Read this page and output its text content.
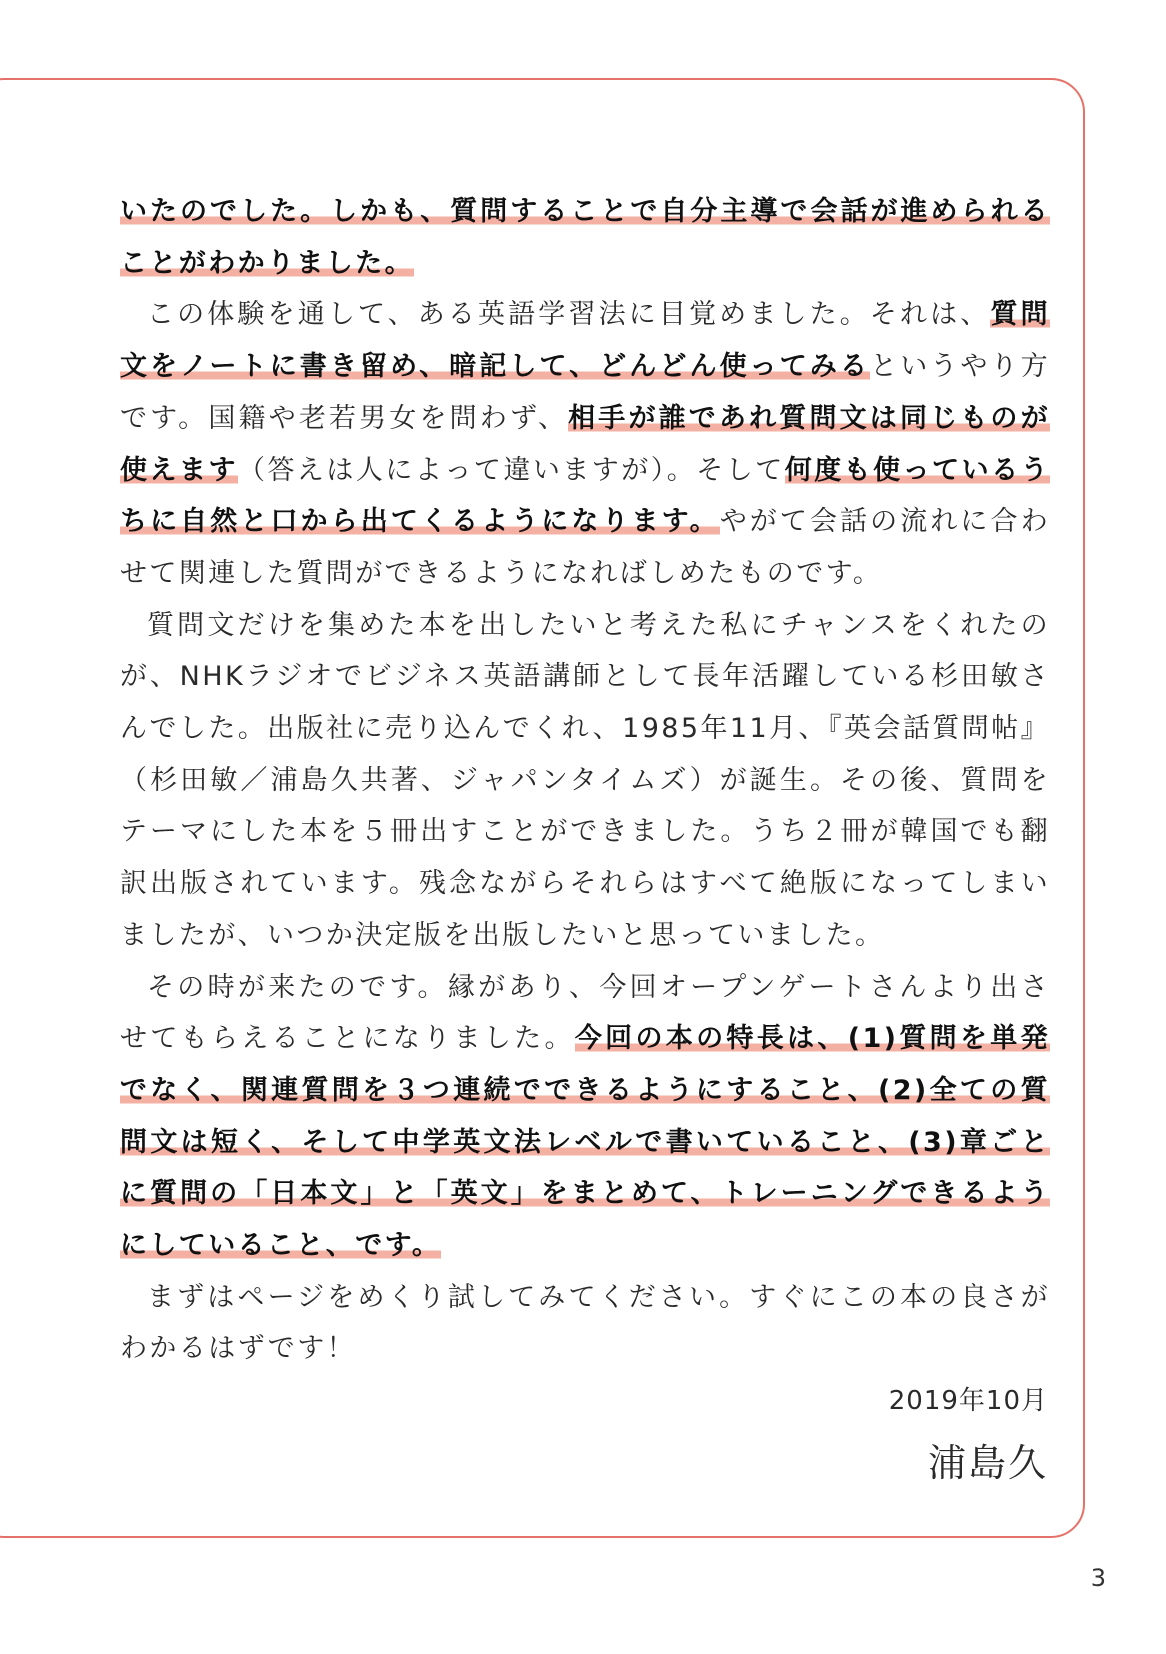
いたのでした。しかも、質問することで自分主導で会話が進められることがわかりました。

この体験を通して、ある英語学習法に目覚めました。それは、質問文をノートに書き留め、暗記して、どんどん使ってみるというやり方です。国籍や老若男女を問わず、相手が誰であれ質問文は同じものが使えます（答えは人によって違いますが）。そして何度も使っているうちに自然と口から出てくるようになります。やがて会話の流れに合わせて関連した質問ができるようになればしめたものです。

質問文だけを集めた本を出したいと考えた私にチャンスをくれたのが、NHKラジオでビジネス英語講師として長年活躍している杉田敏さんでした。出版社に売り込んでくれ、1985年11月、『英会話質問帖』（杉田敏／浦島久共著、ジャパンタイムズ）が誕生。その後、質問をテーマにした本を５冊出すことができました。うち２冊が韓国でも翻訳出版されています。残念ながらそれらはすべて絶版になってしまいましたが、いつか決定版を出版したいと思っていました。

その時が来たのです。縁があり、今回オープンゲートさんより出させてもらえることになりました。今回の本の特長は、(1)質問を単発でなく、関連質問を３つ連続でできるようにすること、(2)全ての質問文は短く、そして中学英文法レベルで書いていること、(3)章ごとに質問の「日本文」と「英文」をまとめて、トレーニングできるようにしていること、です。

まずはページをめくり試してみてください。すぐにこの本の良さがわかるはずです！

2019年10月
浦島久
3
